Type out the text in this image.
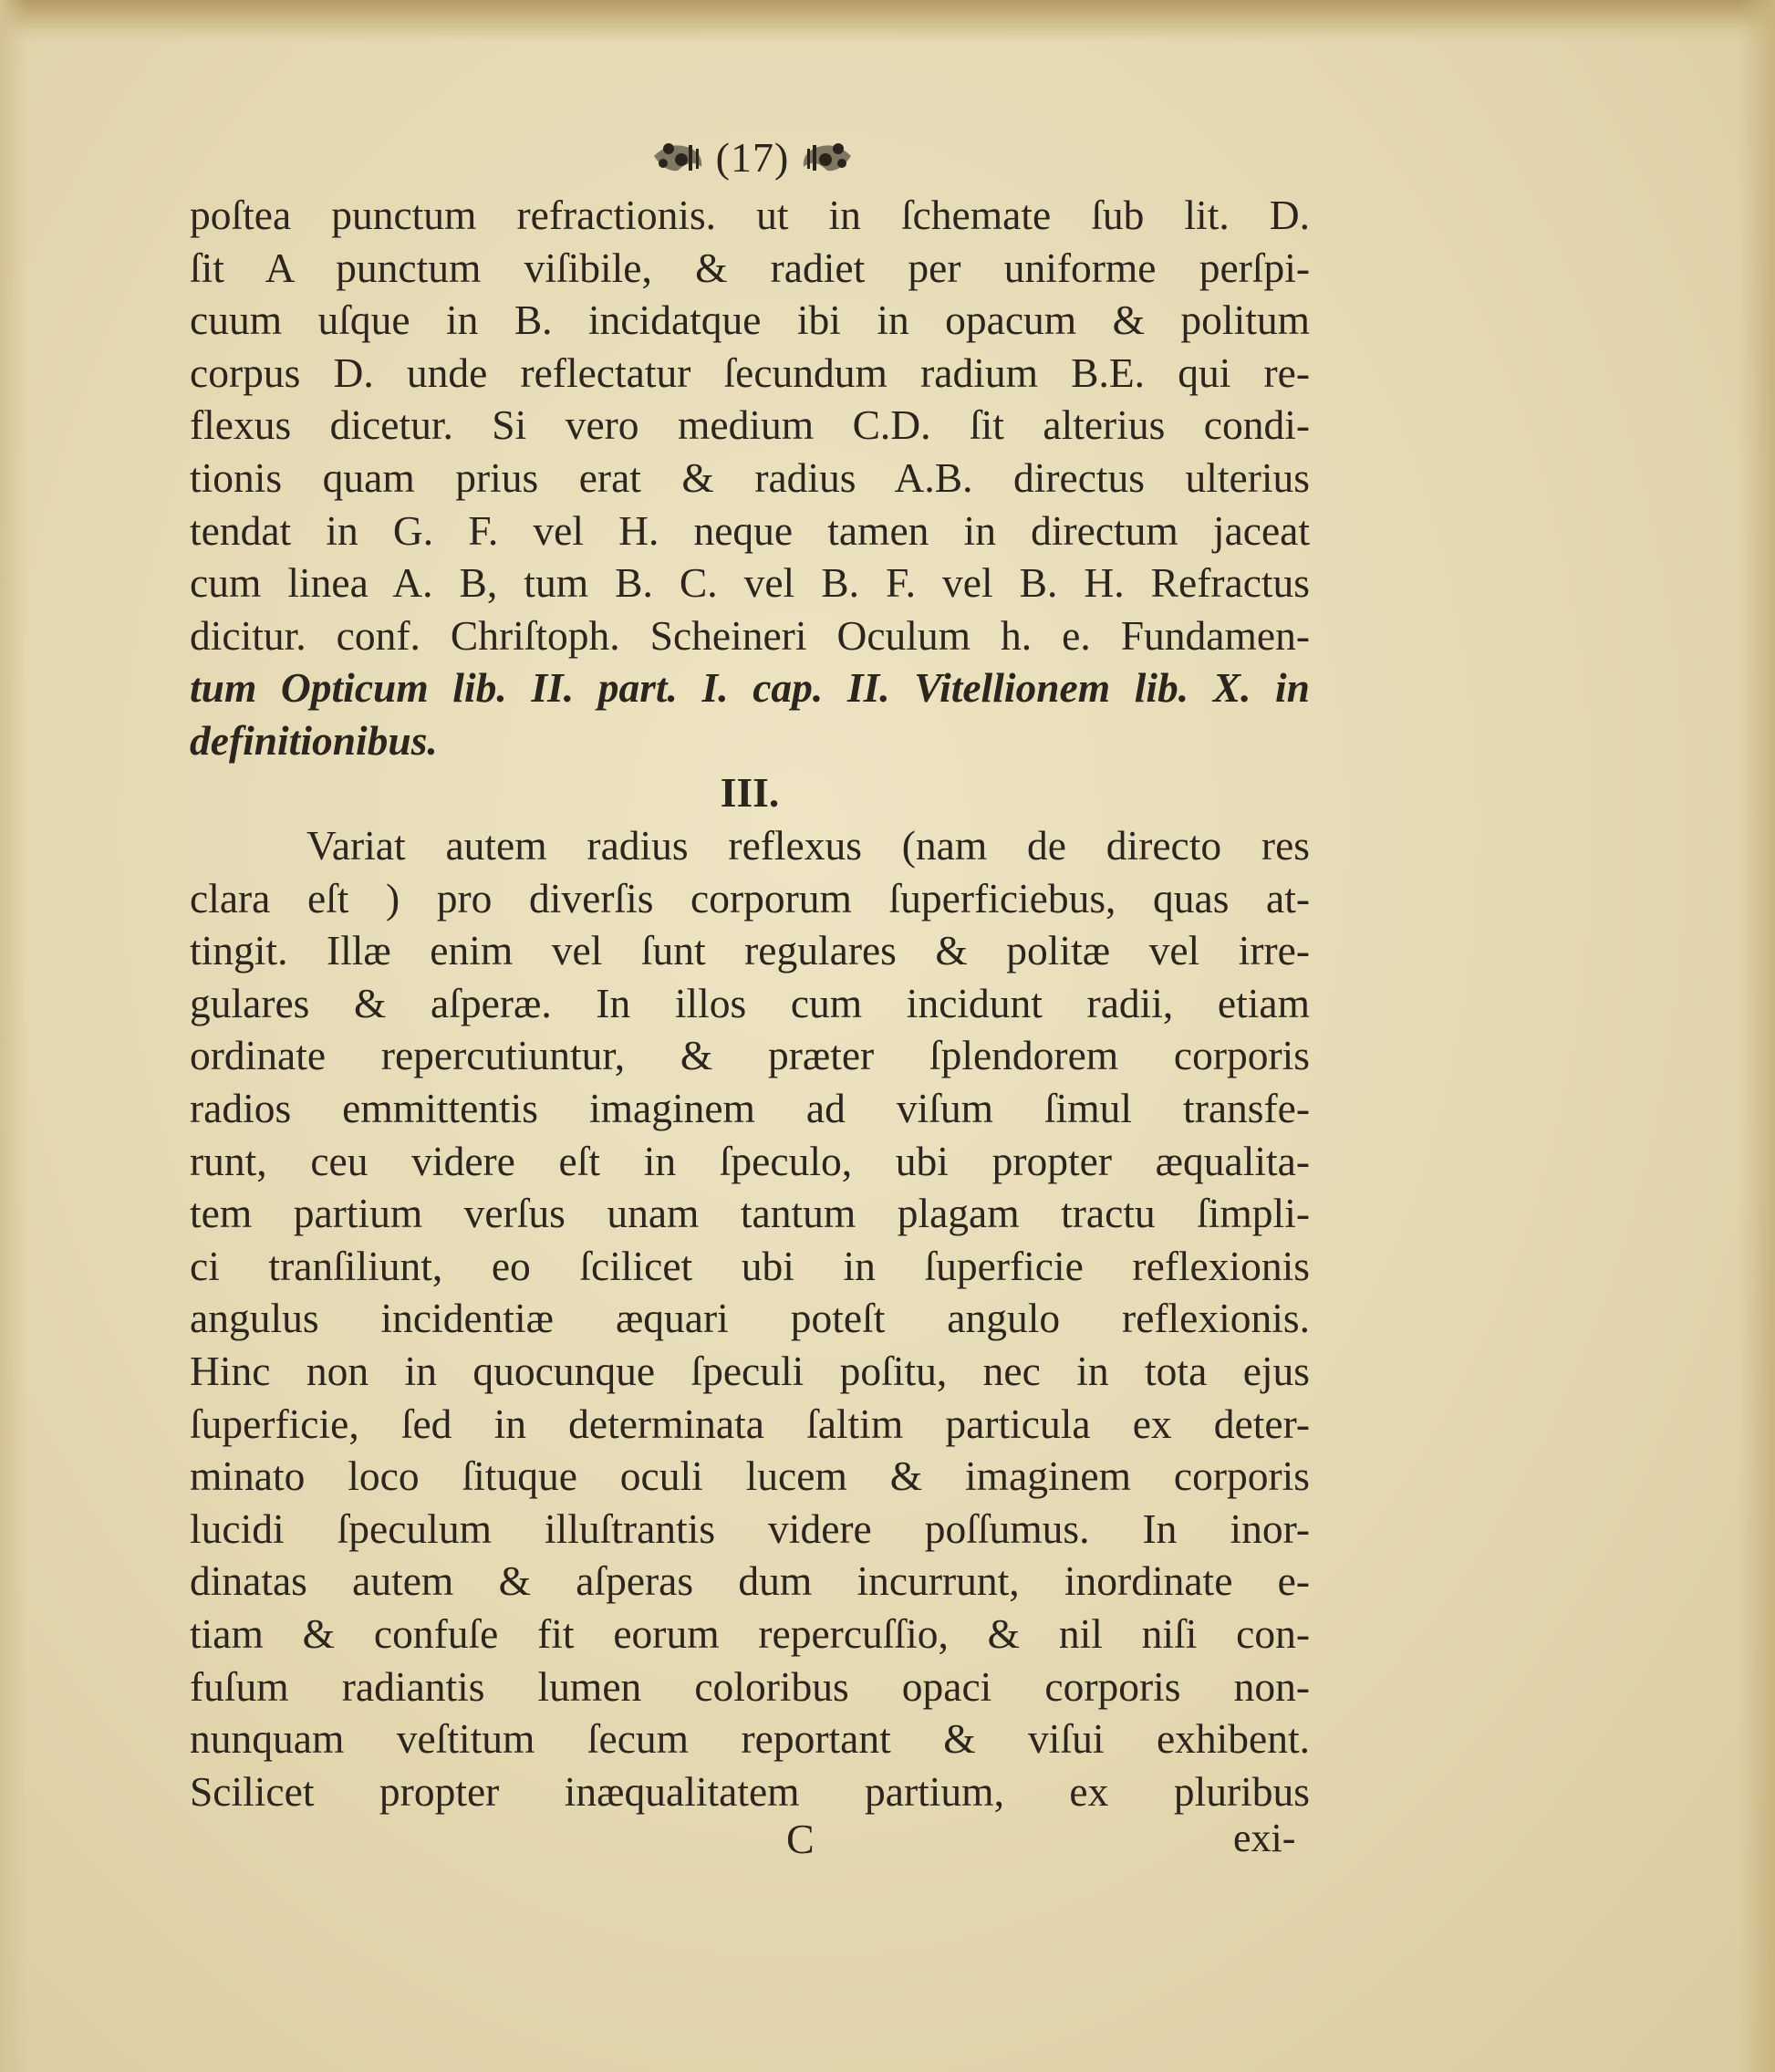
(17)
poſtea punctum refractionis. ut in ſchemate ſub lit. D.
ſit A punctum viſibile, & radiet per uniforme perſpi-
cuum uſque in B. incidatque ibi in opacum & politum
corpus D. unde reflectatur ſecundum radium B.E. qui re-
flexus dicetur. Si vero medium C.D. ſit alterius condi-
tionis quam prius erat & radius A.B. directus ulterius
tendat in G. F. vel H. neque tamen in directum jaceat
cum linea A. B, tum B. C. vel B. F. vel B. H. Refractus
dicitur. conf. Chriſtoph. Scheineri Oculum h. e. Fundamen-
tum Opticum lib. II. part. I. cap. II. Vitellionem lib. X. in
definitionibus.
III.
Variat autem radius reflexus (nam de directo res
clara eſt ) pro diverſis corporum ſuperficiebus, quas at-
tingit. Illæ enim vel ſunt regulares & politæ vel irre-
gulares & aſperæ. In illos cum incidunt radii, etiam
ordinate repercutiuntur, & præter ſplendorem corporis
radios emmittentis imaginem ad viſum ſimul transfe-
runt, ceu videre eſt in ſpeculo, ubi propter æqualita-
tem partium verſus unam tantum plagam tractu ſimpli-
ci tranſiliunt, eo ſcilicet ubi in ſuperficie reflexionis
angulus incidentiæ æquari poteſt angulo reflexionis.
Hinc non in quocunque ſpeculi poſitu, nec in tota ejus
ſuperficie, ſed in determinata ſaltim particula ex deter-
minato loco ſituque oculi lucem & imaginem corporis
lucidi ſpeculum illuſtrantis videre poſſumus. In inor-
dinatas autem & aſperas dum incurrunt, inordinate e-
tiam & confuſe fit eorum repercuſſio, & nil niſi con-
fuſum radiantis lumen coloribus opaci corporis non-
nunquam veſtitum ſecum reportant & viſui exhibent.
Scilicet propter inæqualitatem partium, ex pluribus
C	exi-
